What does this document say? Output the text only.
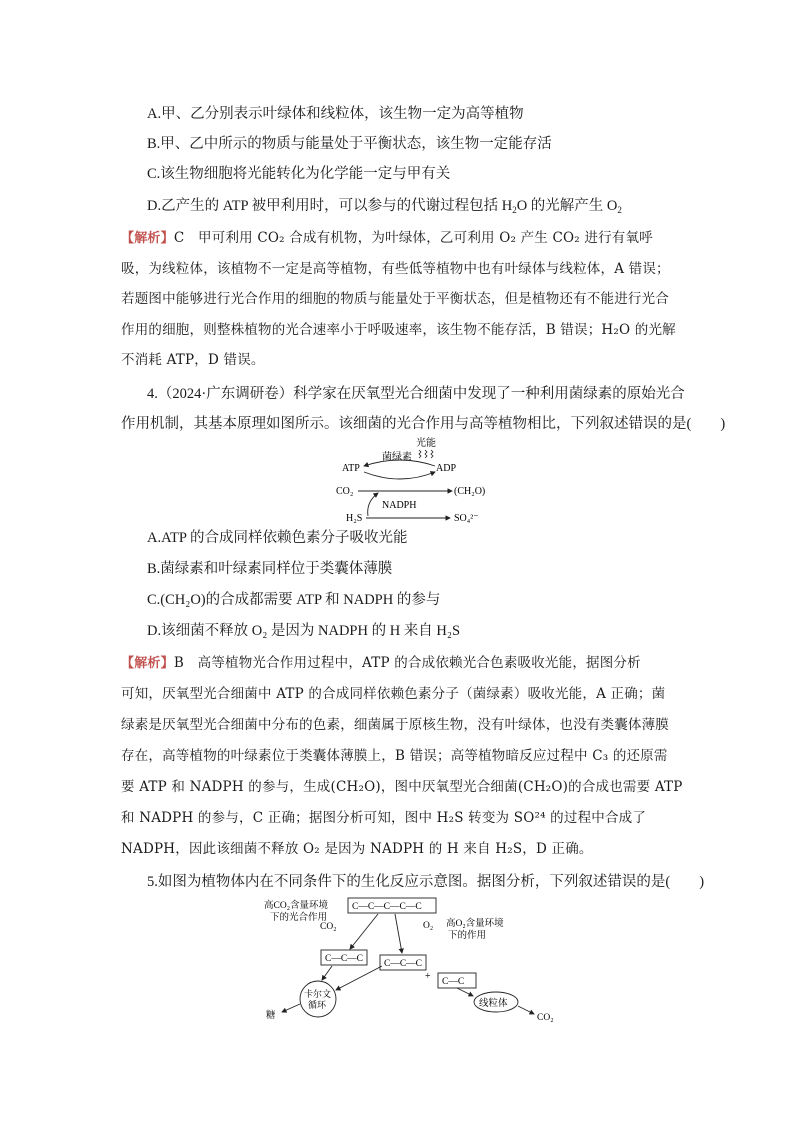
A.甲、乙分别表示叶绿体和线粒体，该生物一定为高等植物
B.甲、乙中所示的物质与能量处于平衡状态，该生物一定能存活
C.该生物细胞将光能转化为化学能一定与甲有关
D.乙产生的 ATP 被甲利用时，可以参与的代谢过程包括 $H_2O$ 的光解产生 $O_2$
【解析】C　甲可利用 CO₂ 合成有机物，为叶绿体，乙可利用 O₂ 产生 CO₂ 进行有氧呼
吸，为线粒体，该植物不一定是高等植物，有些低等植物中也有叶绿体与线粒体，A 错误；
若题图中能够进行光合作用的细胞的物质与能量处于平衡状态，但是植物还有不能进行光合
作用的细胞，则整株植物的光合速率小于呼吸速率，该生物不能存活，B 错误；H₂O 的光解
不消耗 ATP，D 错误。
4.（2024·广东调研卷）科学家在厌氧型光合细菌中发现了一种利用菌绿素的原始光合
作用机制，其基本原理如图所示。该细菌的光合作用与高等植物相比，下列叙述错误的是(　　)
光能
菌绿素
ATP	ADP
CO₂	(CH₂O)
NADPH
H₂S	SO₄²⁻
A.ATP 的合成同样依赖色素分子吸收光能
B.菌绿素和叶绿素同样位于类囊体薄膜
C.(CH₂O)的合成都需要 ATP 和 NADPH 的参与
D.该细菌不释放 O₂ 是因为 NADPH 的 H 来自 H₂S
【解析】B　高等植物光合作用过程中，ATP 的合成依赖光合色素吸收光能，据图分析
可知，厌氧型光合细菌中 ATP 的合成同样依赖色素分子（菌绿素）吸收光能，A 正确；菌
绿素是厌氧型光合细菌中分布的色素，细菌属于原核生物，没有叶绿体，也没有类囊体薄膜
存在，高等植物的叶绿素位于类囊体薄膜上，B 错误；高等植物暗反应过程中 C₃ 的还原需
要 ATP 和 NADPH 的参与，生成(CH₂O)，图中厌氧型光合细菌(CH₂O)的合成也需要 ATP
和 NADPH 的参与，C 正确；据图分析可知，图中 H₂S 转变为 SO²⁴ 的过程中合成了
NADPH，因此该细菌不释放 O₂ 是因为 NADPH 的 H 来自 H₂S，D 正确。
5.如图为植物体内在不同条件下的生化反应示意图。据图分析，下列叙述错误的是(　　)
高CO₂含量环境
下的光合作用
C—C—C—C—C
CO₂	O₂ 高O₂含量环境
下的作用
C—C—C C—C—C
+ C—C
卡尔文
循环
糖
线粒体
CO₂
